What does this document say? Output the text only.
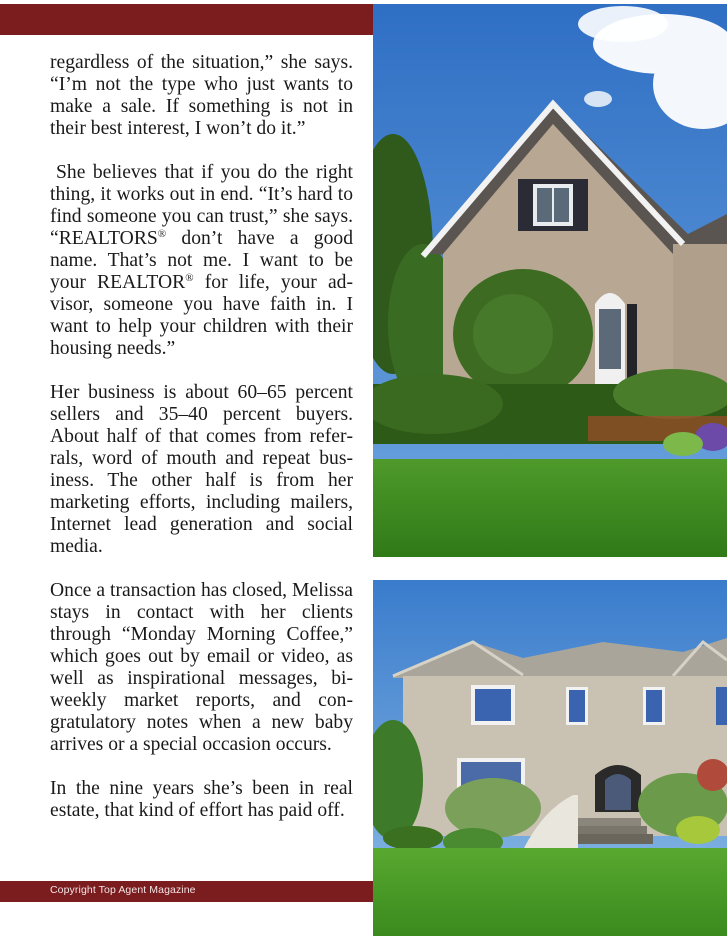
regardless of the situation,” she says. “I’m not the type who just wants to make a sale. If something is not in their best interest, I won’t do it.”

She believes that if you do the right thing, it works out in end. “It’s hard to find someone you can trust,” she says. “REALTORS® don’t have a good name. That’s not me. I want to be your REALTOR® for life, your advisor, someone you have faith in. I want to help your children with their housing needs.”

Her business is about 60–65 percent sellers and 35–40 percent buyers. About half of that comes from referrals, word of mouth and repeat business. The other half is from her marketing efforts, including mailers, Internet lead generation and social media.

Once a transaction has closed, Melissa stays in contact with her clients through “Monday Morning Coffee,” which goes out by email or video, as well as inspirational messages, bi-weekly market reports, and congratulatory notes when a new baby arrives or a special occasion occurs.

In the nine years she’s been in real estate, that kind of effort has paid off.

Copyright Top Agent Magazine
